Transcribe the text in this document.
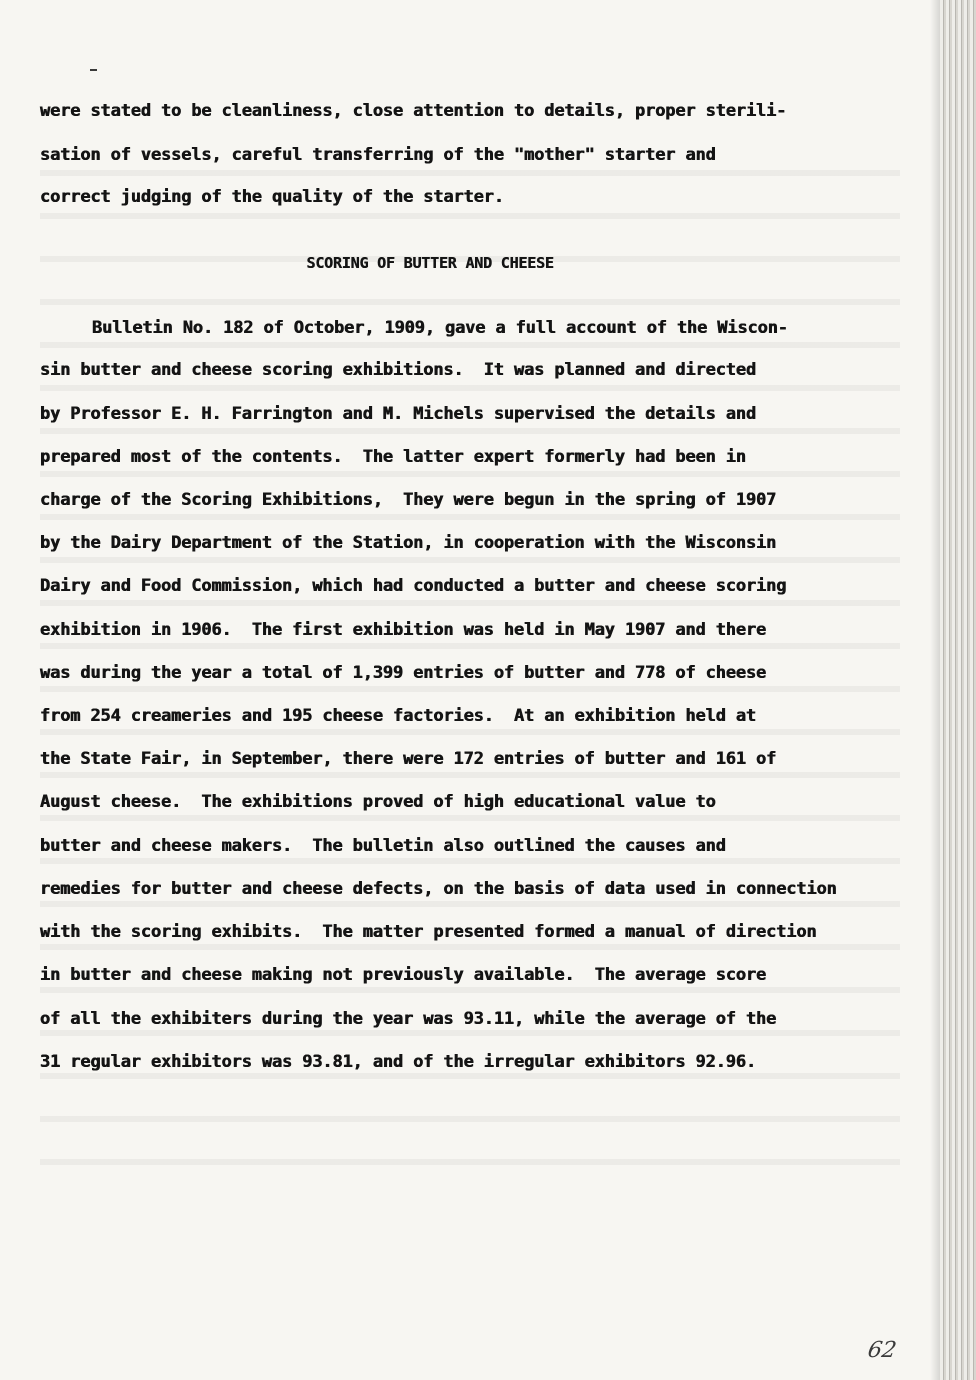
were stated to be cleanliness, close attention to details, proper sterili-

sation of vessels, careful transferring of the "mother" starter and

correct judging of the quality of the starter.

SCORING OF BUTTER AND CHEESE

Bulletin No. 182 of October, 1909, gave a full account of the Wiscon-

sin butter and cheese scoring exhibitions.  It was planned and directed

by Professor E. H. Farrington and M. Michels supervised the details and

prepared most of the contents.  The latter expert formerly had been in

charge of the Scoring Exhibitions,  They were begun in the spring of 1907

by the Dairy Department of the Station, in cooperation with the Wisconsin

Dairy and Food Commission, which had conducted a butter and cheese scoring

exhibition in 1906.  The first exhibition was held in May 1907 and there

was during the year a total of 1,399 entries of butter and 778 of cheese

from 254 creameries and 195 cheese factories.  At an exhibition held at

the State Fair, in September, there were 172 entries of butter and 161 of

August cheese.  The exhibitions proved of high educational value to

butter and cheese makers.  The bulletin also outlined the causes and

remedies for butter and cheese defects, on the basis of data used in connection

with the scoring exhibits.  The matter presented formed a manual of direction

in butter and cheese making not previously available.  The average score

of all the exhibiters during the year was 93.11, while the average of the

31 regular exhibitors was 93.81, and of the irregular exhibitors 92.96.

62
